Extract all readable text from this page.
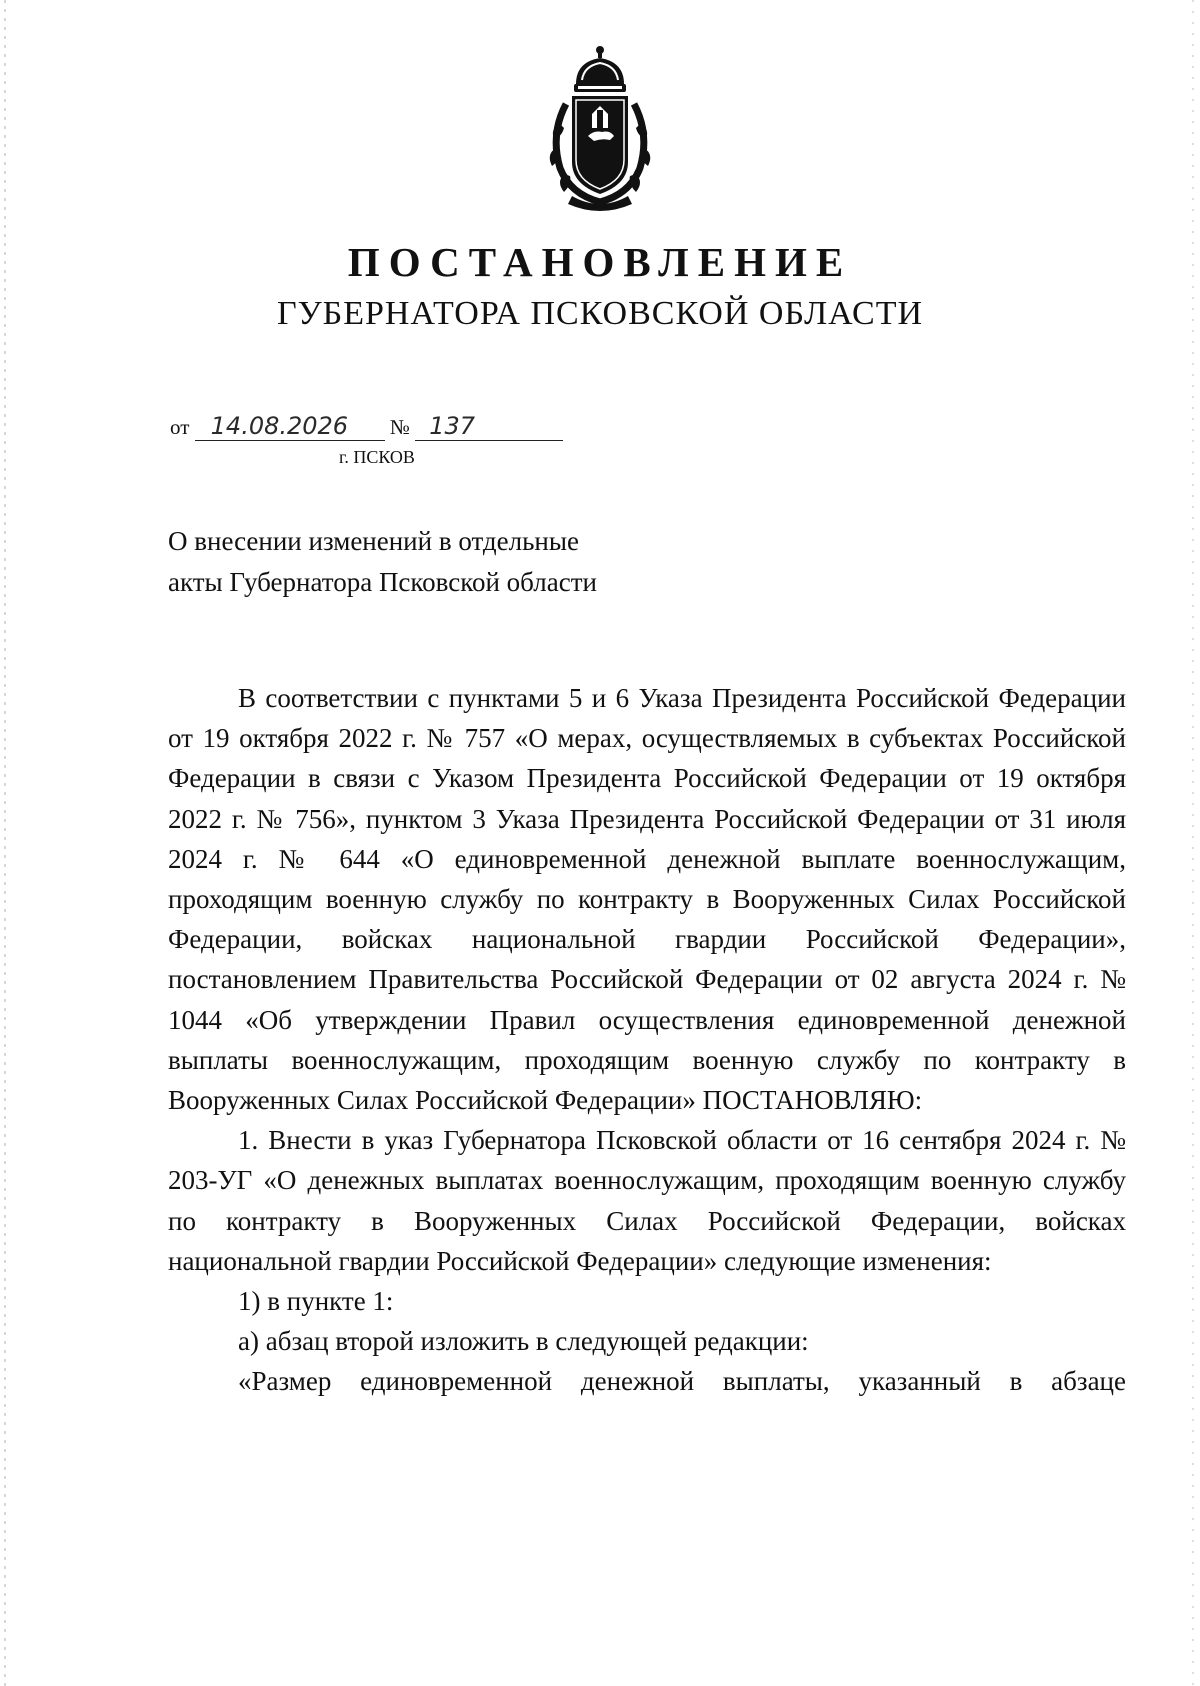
ПОСТАНОВЛЕНИЕ
ГУБЕРНАТОРА ПСКОВСКОЙ ОБЛАСТИ
от 14.08.2026 № 137
г. ПСКОВ
О внесении изменений в отдельные
акты Губернатора Псковской области

В соответствии с пунктами 5 и 6 Указа Президента Российской Федерации от 19 октября 2022 г. № 757 «О мерах, осуществляемых в субъектах Российской Федерации в связи с Указом Президента Российской Федерации от 19 октября 2022 г. № 756», пунктом 3 Указа Президента Российской Федерации от 31 июля 2024 г. № 644 «О единовременной денежной выплате военнослужащим, проходящим военную службу по контракту в Вооруженных Силах Российской Федерации, войсках национальной гвардии Российской Федерации», постановлением Правительства Российской Федерации от 02 августа 2024 г. № 1044 «Об утверждении Правил осуществления единовременной денежной выплаты военнослужащим, проходящим военную службу по контракту в Вооруженных Силах Российской Федерации» ПОСТАНОВЛЯЮ:

1. Внести в указ Губернатора Псковской области от 16 сентября 2024 г. № 203-УГ «О денежных выплатах военнослужащим, проходящим военную службу по контракту в Вооруженных Силах Российской Федерации, войсках национальной гвардии Российской Федерации» следующие изменения:

1) в пункте 1:

а) абзац второй изложить в следующей редакции:

«Размер единовременной денежной выплаты, указанный в абзаце
